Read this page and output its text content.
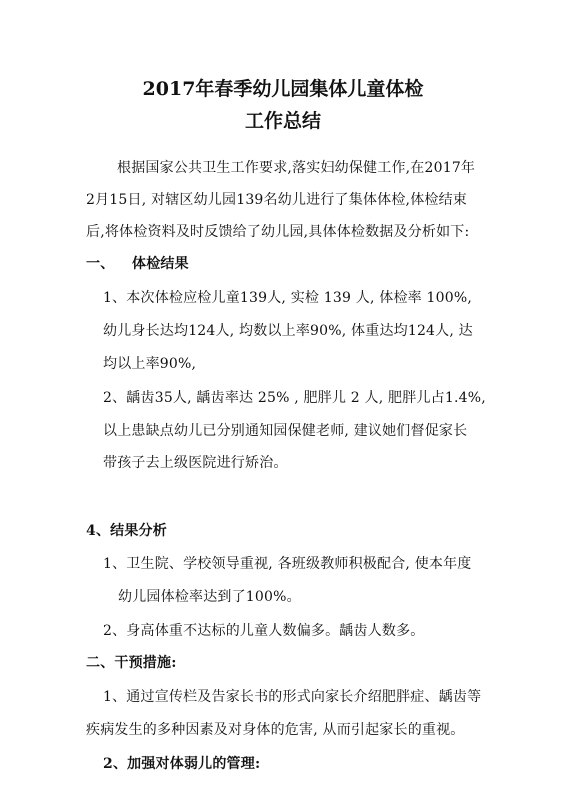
2017年春季幼儿园集体儿童体检
工作总结
根据国家公共卫生工作要求,落实妇幼保健工作,在2017年
2月15日, 对辖区幼儿园139名幼儿进行了集体体检,体检结束
后,将体检资料及时反馈给了幼儿园,具体体检数据及分析如下:
一、 体检结果
1、本次体检应检儿童139人, 实检 139 人, 体检率 100%,
幼儿身长达均124人, 均数以上率90%, 体重达均124人, 达
均以上率90%,
2、龋齿35人, 龋齿率达 25% , 肥胖儿 2 人, 肥胖儿占1.4%,
以上患缺点幼儿已分别通知园保健老师, 建议她们督促家长
带孩子去上级医院进行矫治。
4、结果分析
1、卫生院、学校领导重视, 各班级教师积极配合, 使本年度
幼儿园体检率达到了100%。
2、身高体重不达标的儿童人数偏多。龋齿人数多。
二、干预措施:
1、通过宣传栏及告家长书的形式向家长介绍肥胖症、龋齿等
疾病发生的多种因素及对身体的危害, 从而引起家长的重视。
2、加强对体弱儿的管理:
